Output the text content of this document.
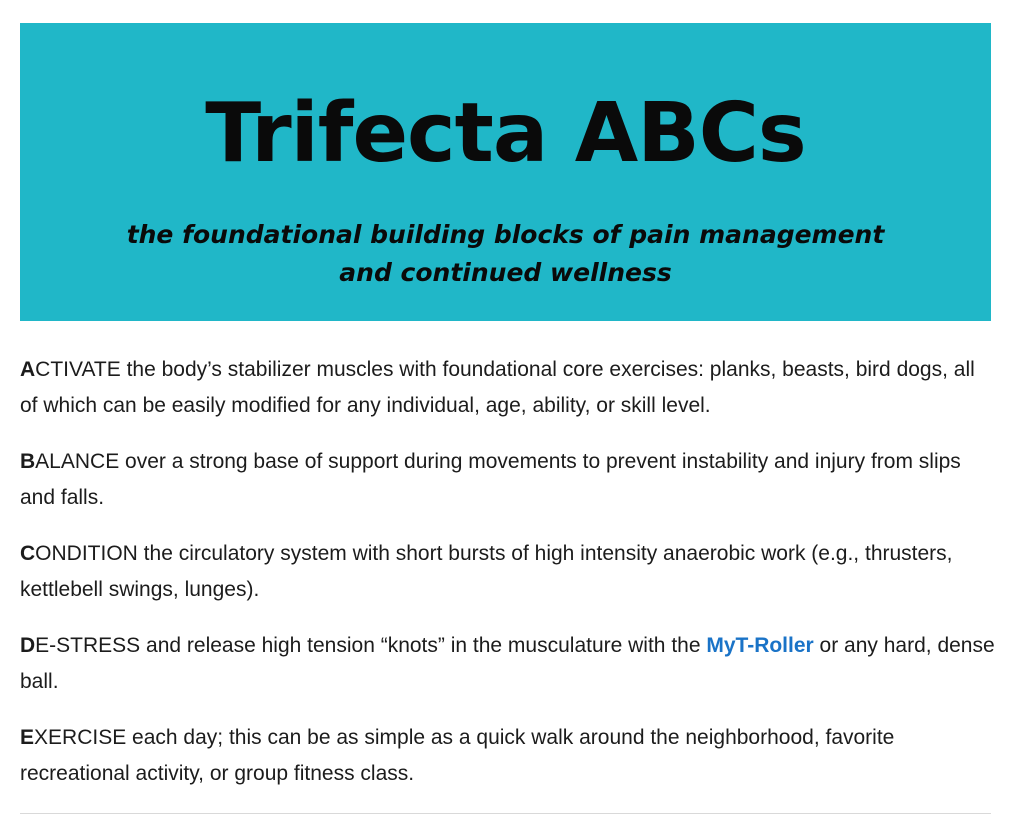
Trifecta ABCs
the foundational building blocks of pain management
and continued wellness

ACTIVATE the body’s stabilizer muscles with foundational core exercises: planks, beasts, bird dogs, all of which can be easily modified for any individual, age, ability, or skill level.

BALANCE over a strong base of support during movements to prevent instability and injury from slips and falls.

CONDITION the circulatory system with short bursts of high intensity anaerobic work (e.g., thrusters, kettlebell swings, lunges).

DE-STRESS and release high tension “knots” in the musculature with the MyT-Roller or any hard, dense ball.

EXERCISE each day; this can be as simple as a quick walk around the neighborhood, favorite recreational activity, or group fitness class.
